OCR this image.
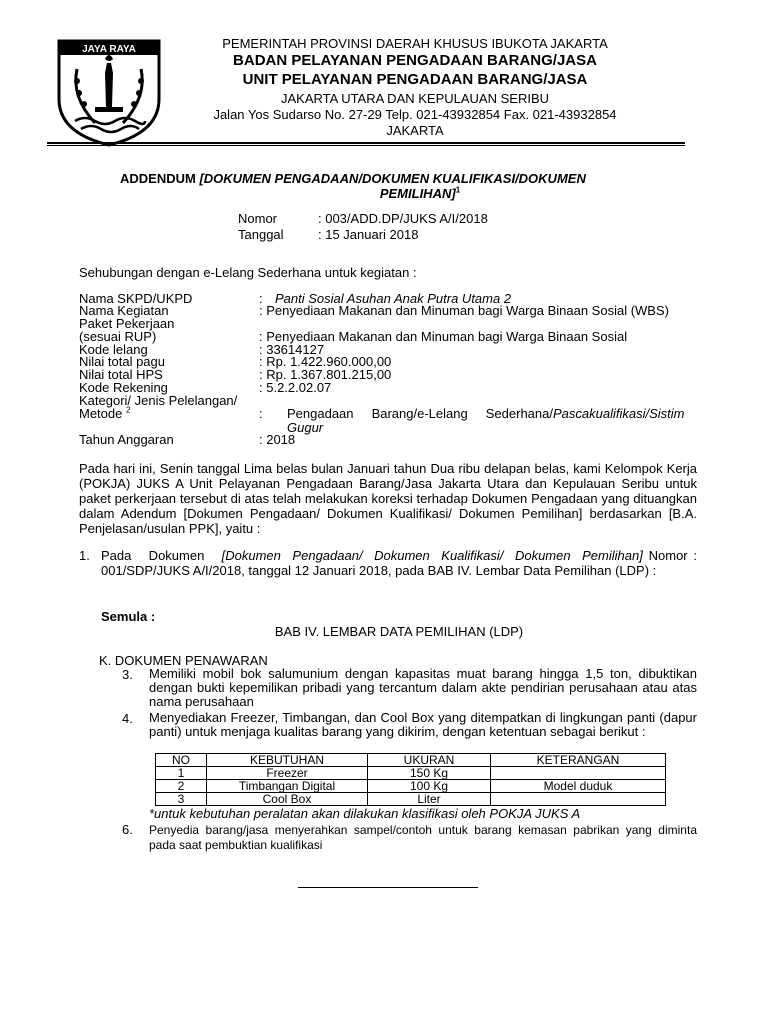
JAYA RAYA	PEMERINTAH PROVINSI DAERAH KHUSUS IBUKOTA JAKARTA
BADAN PELAYANAN PENGADAAN BARANG/JASA
UNIT PELAYANAN PENGADAAN BARANG/JASA
JAKARTA UTARA DAN KEPULAUAN SERIBU
Jalan Yos Sudarso No. 27-29 Telp. 021-43932854 Fax. 021-43932854
JAKARTA
ADDENDUM [DOKUMEN PENGADAAN/DOKUMEN KUALIFIKASI/DOKUMEN
PEMILIHAN]$^1$
Nomor	: 003/ADD.DP/JUKS A/I/2018
Tanggal	: 15 Januari 2018
Sehubungan dengan e-Lelang Sederhana untuk kegiatan :
Nama SKPD/UKPD	: Panti Sosial Asuhan Anak Putra Utama 2
Nama Kegiatan	: Penyediaan Makanan dan Minuman bagi Warga Binaan Sosial (WBS)
Paket Pekerjaan
(sesuai RUP)	: Penyediaan Makanan dan Minuman bagi Warga Binaan Sosial
Kode lelang	: 33614127
Nilai total pagu	: Rp. 1.422.960.000,00
Nilai total HPS	: Rp. 1.367.801.215,00
Kode Rekening	: 5.2.2.02.07
Kategori/ Jenis Pelelangan/
Metode $^2$	: Pengadaan     Barang/e-Lelang     Sederhana/Pascakualifikasi/Sistim
Gugur
Tahun Anggaran	: 2018
Pada hari ini, Senin tanggal Lima belas bulan Januari tahun Dua ribu delapan belas, kami Kelompok Kerja (POKJA) JUKS A Unit Pelayanan Pengadaan Barang/Jasa Jakarta Utara dan Kepulauan Seribu untuk paket perkerjaan tersebut di atas telah melakukan koreksi terhadap Dokumen Pengadaan yang dituangkan dalam Adendum [Dokumen Pengadaan/ Dokumen Kualifikasi/ Dokumen Pemilihan] berdasarkan [B.A. Penjelasan/usulan PPK], yaitu :
1. Pada   Dokumen   [Dokumen  Pengadaan/  Dokumen  Kualifikasi/  Dokumen  Pemilihan] Nomor : 001/SDP/JUKS A/I/2018, tanggal 12 Januari 2018, pada BAB IV. Lembar Data Pemilihan (LDP) :
Semula :
BAB IV. LEMBAR DATA PEMILIHAN (LDP)
K. DOKUMEN PENAWARAN
3. Memiliki mobil bok salumunium dengan kapasitas muat barang hingga 1,5 ton, dibuktikan dengan bukti kepemilikan pribadi yang tercantum dalam akte pendirian perusahaan atau atas nama perusahaan
4. Menyediakan Freezer, Timbangan, dan Cool Box yang ditempatkan di lingkungan panti (dapur panti) untuk menjaga kualitas barang yang dikirim, dengan ketentuan sebagai berikut :
NO	KEBUTUHAN	UKURAN	KETERANGAN
1	Freezer	150 Kg	
2	Timbangan Digital	100 Kg	Model duduk
3	Cool Box	Liter	
*untuk kebutuhan peralatan akan dilakukan klasifikasi oleh POKJA JUKS A
6. Penyedia barang/jasa menyerahkan sampel/contoh untuk barang kemasan pabrikan yang diminta pada saat pembuktian kualifikasi
